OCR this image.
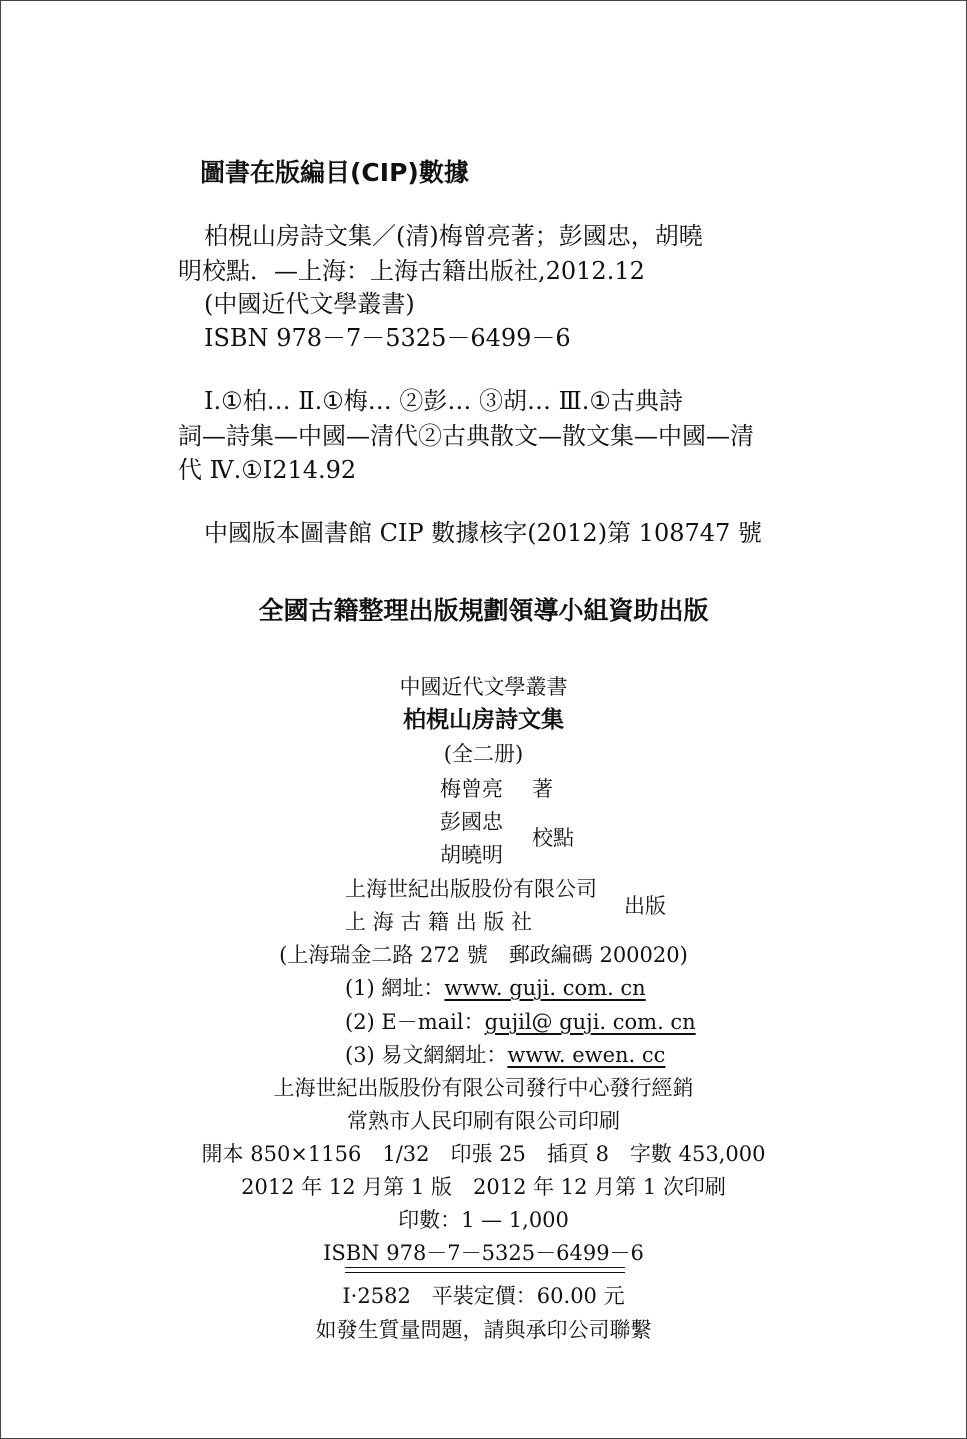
圖書在版編目(CIP)數據
柏梘山房詩文集／(清)梅曾亮著；彭國忠，胡曉
明校點．—上海：上海古籍出版社,2012.12
(中國近代文學叢書)
ISBN 978－7－5325－6499－6
Ⅰ.①柏… Ⅱ.①梅… ②彭… ③胡… Ⅲ.①古典詩
詞—詩集—中國—清代②古典散文—散文集—中國—清
代 Ⅳ.①I214.92
中國版本圖書館 CIP 數據核字(2012)第 108747 號
全國古籍整理出版規劃領導小組資助出版
中國近代文學叢書
柏梘山房詩文集
(全二册)
梅曾亮 著
彭國忠
胡曉明
校點
上海世紀出版股份有限公司
上 海 古 籍 出 版 社
出版
(上海瑞金二路 272 號　郵政編碼 200020)
(1) 網址：www. guji. com. cn
(2) E－mail：gujil@ guji. com. cn
(3) 易文網網址：www. ewen. cc
上海世紀出版股份有限公司發行中心發行經銷
常熟市人民印刷有限公司印刷
開本 850×1156　1/32　印張 25　插頁 8　字數 453,000
2012 年 12 月第 1 版　2012 年 12 月第 1 次印刷
印數：1 — 1,000
ISBN 978－7－5325－6499－6
I·2582　平裝定價：60.00 元
如發生質量問題，請與承印公司聯繫
